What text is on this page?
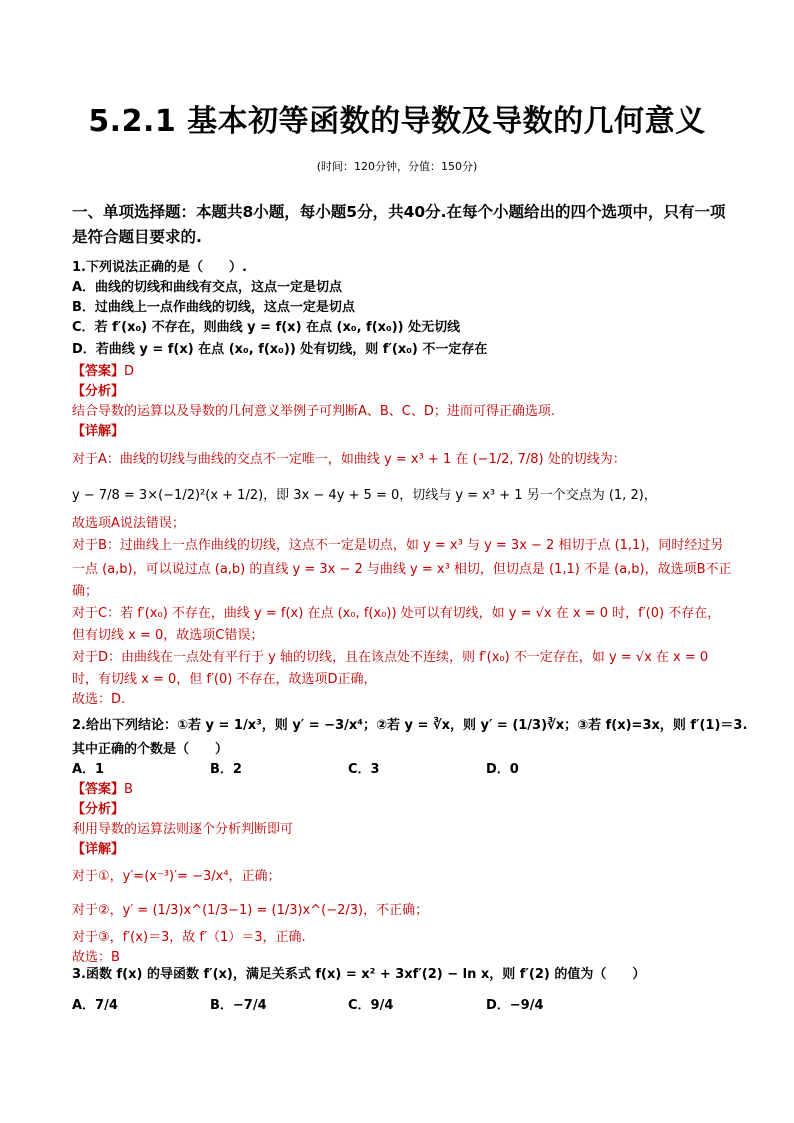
5.2.1 基本初等函数的导数及导数的几何意义
(时间：120分钟，分值：150分)
一、单项选择题：本题共8小题，每小题5分，共40分.在每个小题给出的四个选项中，只有一项是符合题目要求的.
1.下列说法正确的是（　　）.
A．曲线的切线和曲线有交点，这点一定是切点
B．过曲线上一点作曲线的切线，这点一定是切点
C．若 f′(x₀) 不存在，则曲线 y = f(x) 在点 (x₀, f(x₀)) 处无切线
D．若曲线 y = f(x) 在点 (x₀, f(x₀)) 处有切线，则 f′(x₀) 不一定存在
【答案】D
【分析】
结合导数的运算以及导数的几何意义举例子可判断A、B、C、D；进而可得正确选项.
【详解】
对于A：曲线的切线与曲线的交点不一定唯一，如曲线 y = x³ + 1 在 (−1/2, 7/8) 处的切线为：
y − 7/8 = 3×(−1/2)²(x + 1/2)，即 3x − 4y + 5 = 0，切线与 y = x³ + 1 另一个交点为 (1, 2)，
故选项A说法错误；
对于B：过曲线上一点作曲线的切线，这点不一定是切点，如 y = x³ 与 y = 3x − 2 相切于点 (1,1)，同时经过另
一点 (a,b)，可以说过点 (a,b) 的直线 y = 3x − 2 与曲线 y = x³ 相切，但切点是 (1,1) 不是 (a,b)，故选项B不正
确；
对于C：若 f′(x₀) 不存在，曲线 y = f(x) 在点 (x₀, f(x₀)) 处可以有切线，如 y = √x 在 x = 0 时，f′(0) 不存在，
但有切线 x = 0，故选项C错误；
对于D：由曲线在一点处有平行于 y 轴的切线，且在该点处不连续，则 f′(x₀) 不一定存在，如 y = √x 在 x = 0
时，有切线 x = 0，但 f′(0) 不存在，故选项D正确，
故选：D.
2.给出下列结论：①若 y = 1/x³，则 y′ = −3/x⁴；②若 y = ∛x，则 y′ = (1/3)∛x；③若 f(x)=3x，则 f′(1)＝3.
其中正确的个数是（　　）
A．1	B．2	C．3	D．0
【答案】B
【分析】
利用导数的运算法则逐个分析判断即可
【详解】
对于①，y′=(x⁻³)′= −3/x⁴，正确；
对于②，y′ = (1/3)x^(1/3−1) = (1/3)x^(−2/3)，不正确；
对于③，f′(x)＝3，故 f′（1）＝3，正确.
故选：B
3.函数 f(x) 的导函数 f′(x)，满足关系式 f(x) = x² + 3xf′(2) − ln x，则 f′(2) 的值为（　　）
A．7/4	B．−7/4	C．9/4	D．−9/4
